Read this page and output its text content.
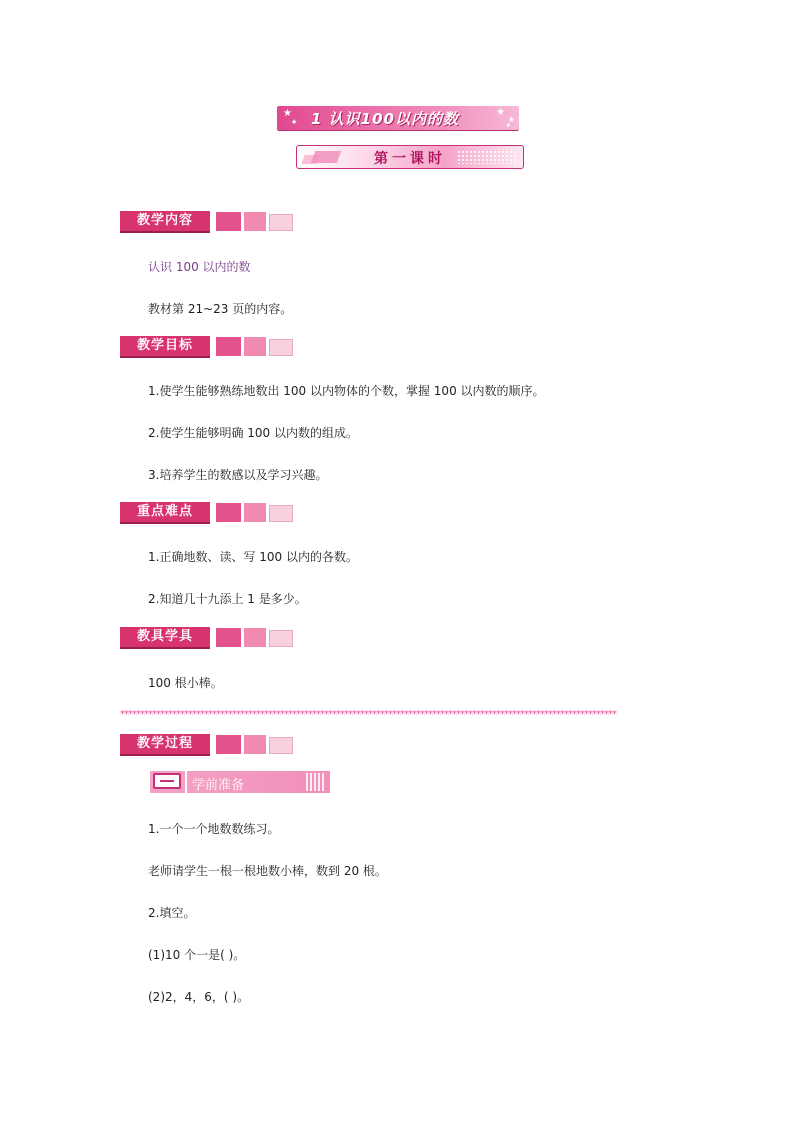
★
★ 1 认识100以内的数	★
★
★
第一课时
教学内容
认识 100 以内的数
教材第 21~23 页的内容。
教学目标
1.使学生能够熟练地数出 100 以内物体的个数，掌握 100 以内数的顺序。
2.使学生能够明确 100 以内数的组成。
3.培养学生的数感以及学习兴趣。
重点难点
1.正确地数、读、写 100 以内的各数。
2.知道几十九添上 1 是多少。
教具学具
100 根小棒。
****************************************************************************************************************************
教学过程
学前准备
1.一个一个地数数练习。
老师请学生一根一根地数小棒，数到 20 根。
2.填空。
(1)10 个一是( )。
(2)2，4，6，( )。
